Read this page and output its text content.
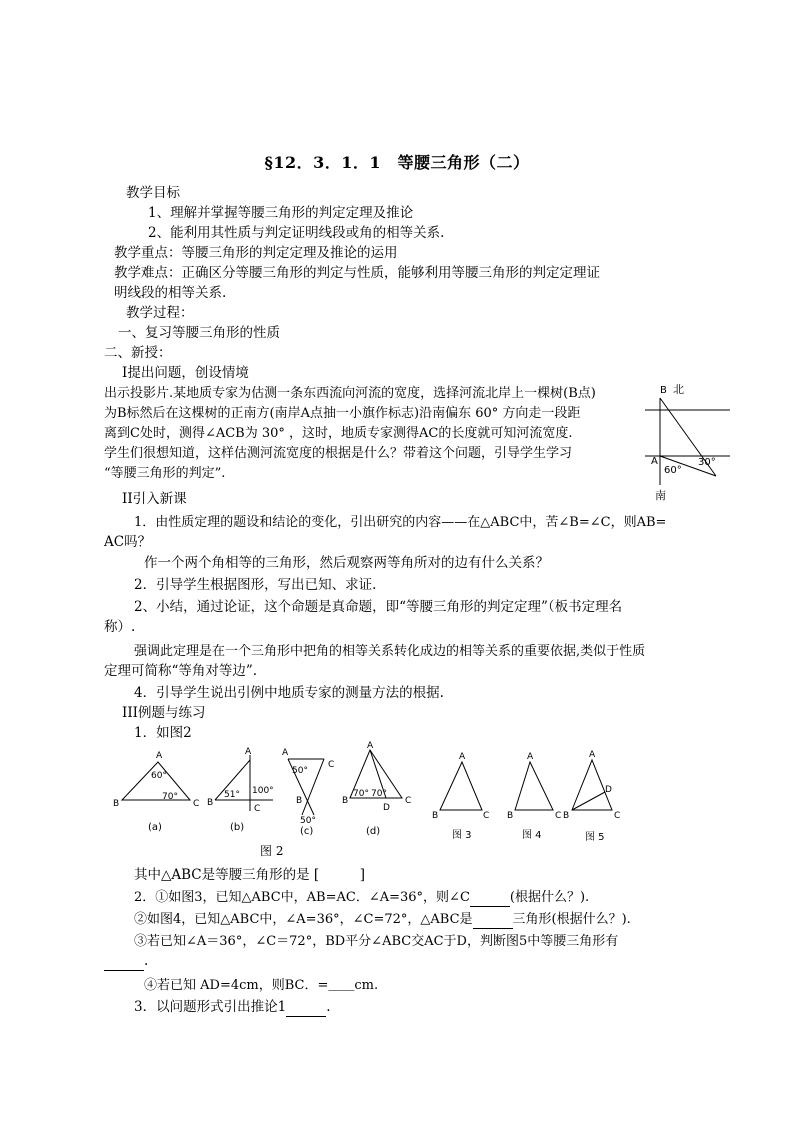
§12．3．1．1　等腰三角形（二）
教学目标
1、理解并掌握等腰三角形的判定定理及推论
2、能利用其性质与判定证明线段或角的相等关系.
教学重点：等腰三角形的判定定理及推论的运用
教学难点：正确区分等腰三角形的判定与性质，能够利用等腰三角形的判定定理证
明线段的相等关系.
教学过程：
一、复习等腰三角形的性质
二、新授：
I提出问题，创设情境
出示投影片.某地质专家为估测一条东西流向河流的宽度，选择河流北岸上一棵树(B点)
为B标然后在这棵树的正南方(南岸A点抽一小旗作标志)沿南偏东 60° 方向走一段距
离到C处时，测得∠ACB为 30° ，这时，地质专家测得AC的长度就可知河流宽度.
学生们很想知道，这样估测河流宽度的根据是什么？带着这个问题，引导学生学习
“等腰三角形的判定”.
II引入新课
1．由性质定理的题设和结论的变化，引出研究的内容——在△ABC中，苦∠B=∠C，则AB=
AC吗？
作一个两个角相等的三角形，然后观察两等角所对的边有什么关系？
2．引导学生根据图形，写出已知、求证.
2、小结，通过论证，这个命题是真命题，即“等腰三角形的判定定理”（板书定理名
称）.
强调此定理是在一个三角形中把角的相等关系转化成边的相等关系的重要依据,类似于性质
定理可简称“等角对等边”.
4．引导学生说出引例中地质专家的测量方法的根据.
III例题与练习
1．如图2
B 北
A
60°
30°
南
A
B	C
60°
70°
(a)
A
B
C
51° 100°
(b)
A
C
B
50°
50°
(c)
A
B	C
D
70° 70°
(d)
A
B	C
图 3
A
B	C
图 4
A
B	C
D
图 5
图 2
其中△ABC是等腰三角形的是 [　　　]
2．①如图3，已知△ABC中，AB=AC．∠A=36°，则∠C	(根据什么？).
②如图4，已知△ABC中，∠A=36°，∠C=72°，△ABC是	三角形(根据什么？).
③若已知∠A＝36°，∠C＝72°，BD平分∠ABC交AC于D，判断图5中等腰三角形有
.
④若已知 AD=4cm，则BC．=＿＿cm.
3．以问题形式引出推论1	.
